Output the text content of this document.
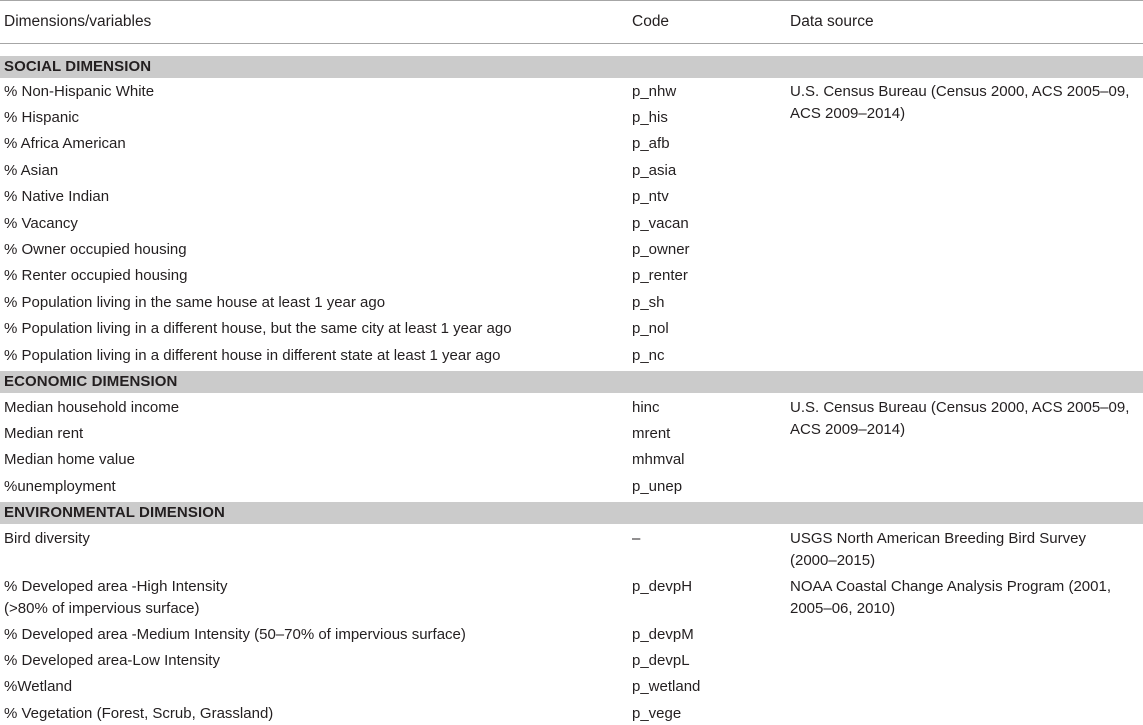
Dimensions/variables	Code	Data source
SOCIAL DIMENSION
% Non-Hispanic White	p_nhw	U.S. Census Bureau (Census 2000, ACS 2005–09,
ACS 2009–2014)
% Hispanic	p_his
% Africa American	p_afb
% Asian	p_asia
% Native Indian	p_ntv
% Vacancy	p_vacan
% Owner occupied housing	p_owner
% Renter occupied housing	p_renter
% Population living in the same house at least 1 year ago	p_sh
% Population living in a different house, but the same city at least 1 year ago	p_nol
% Population living in a different house in different state at least 1 year ago	p_nc
ECONOMIC DIMENSION
Median household income	hinc	U.S. Census Bureau (Census 2000, ACS 2005–09,
ACS 2009–2014)
Median rent	mrent
Median home value	mhmval
%unemployment	p_unep
ENVIRONMENTAL DIMENSION
Bird diversity	–	USGS North American Breeding Bird Survey
(2000–2015)
% Developed area -High Intensity
(>80% of impervious surface)
p_devpH	NOAA Coastal Change Analysis Program (2001,
2005–06, 2010)
% Developed area -Medium Intensity (50–70% of impervious surface)	p_devpM
% Developed area-Low Intensity	p_devpL
%Wetland	p_wetland
% Vegetation (Forest, Scrub, Grassland)	p_vege
